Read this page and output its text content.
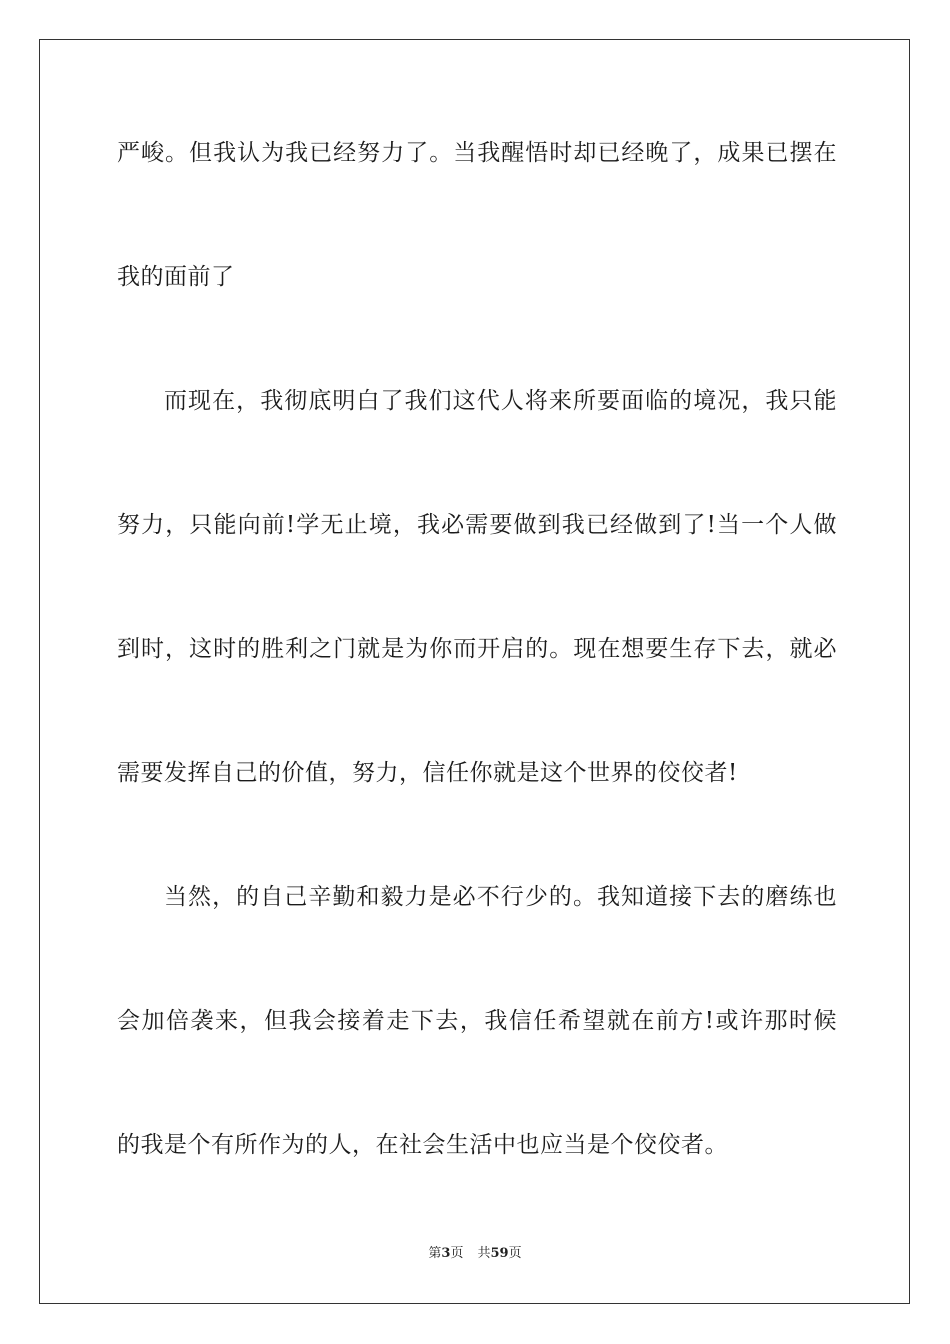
严峻。但我认为我已经努力了。当我醒悟时却已经晚了，成果已摆在
我的面前了
而现在，我彻底明白了我们这代人将来所要面临的境况，我只能
努力，只能向前!学无止境，我必需要做到我已经做到了!当一个人做
到时，这时的胜利之门就是为你而开启的。现在想要生存下去，就必
需要发挥自己的价值，努力，信任你就是这个世界的佼佼者!
当然，的自己辛勤和毅力是必不行少的。我知道接下去的磨练也
会加倍袭来，但我会接着走下去，我信任希望就在前方!或许那时候
的我是个有所作为的人，在社会生活中也应当是个佼佼者。
第3页 共59页
